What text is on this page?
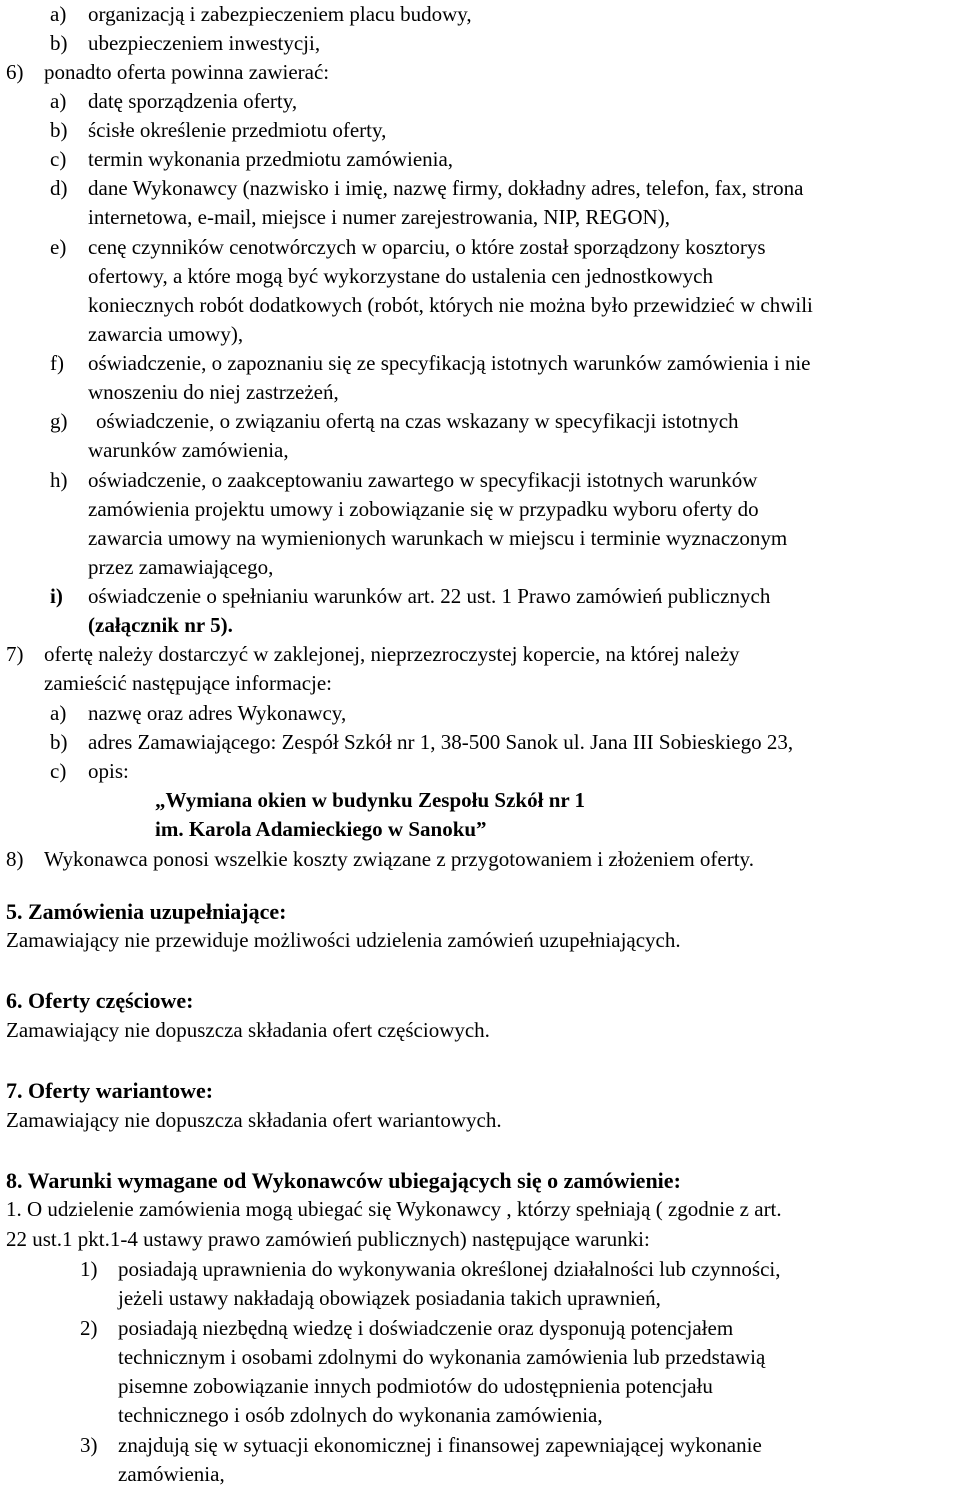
a) organizacją i zabezpieczeniem placu budowy,
b) ubezpieczeniem inwestycji,
6) ponadto oferta powinna zawierać:
a) datę sporządzenia oferty,
b) ścisłe określenie przedmiotu oferty,
c) termin wykonania przedmiotu zamówienia,
d) dane Wykonawcy (nazwisko i imię, nazwę firmy, dokładny adres, telefon, fax, strona
internetowa, e-mail, miejsce i numer zarejestrowania, NIP, REGON),
e) cenę czynników cenotwórczych w oparciu, o które został sporządzony kosztorys
ofertowy, a które mogą być wykorzystane do ustalenia cen jednostkowych
koniecznych robót dodatkowych (robót, których nie można było przewidzieć w chwili
zawarcia umowy),
f) oświadczenie, o zapoznaniu się ze specyfikacją istotnych warunków zamówienia i nie
wnoszeniu do niej zastrzeżeń,
g) oświadczenie, o związaniu ofertą na czas wskazany w specyfikacji istotnych
warunków zamówienia,
h) oświadczenie, o zaakceptowaniu zawartego w specyfikacji istotnych warunków
zamówienia projektu umowy i zobowiązanie się w przypadku wyboru oferty do
zawarcia umowy na wymienionych warunkach w miejscu i terminie wyznaczonym
przez zamawiającego,
i) oświadczenie o spełnianiu warunków art. 22 ust. 1 Prawo zamówień publicznych
(załącznik nr 5).
7) ofertę należy dostarczyć w zaklejonej, nieprzezroczystej kopercie, na której należy
zamieścić następujące informacje:
a) nazwę oraz adres Wykonawcy,
b) adres Zamawiającego: Zespół Szkół nr 1, 38-500 Sanok ul. Jana III Sobieskiego 23,
c) opis:
„Wymiana okien w budynku Zespołu Szkół nr 1
im. Karola Adamieckiego w Sanoku”
8) Wykonawca ponosi wszelkie koszty związane z przygotowaniem i złożeniem oferty.
5. Zamówienia uzupełniające:
Zamawiający nie przewiduje możliwości udzielenia zamówień uzupełniających.
6. Oferty częściowe:
Zamawiający nie dopuszcza składania ofert częściowych.
7. Oferty wariantowe:
Zamawiający nie dopuszcza składania ofert wariantowych.
8. Warunki wymagane od Wykonawców ubiegających się o zamówienie:
1. O udzielenie zamówienia mogą ubiegać się Wykonawcy , którzy spełniają ( zgodnie z art.
22 ust.1 pkt.1-4 ustawy prawo zamówień publicznych) następujące warunki:
1) posiadają uprawnienia do wykonywania określonej działalności lub czynności,
jeżeli ustawy nakładają obowiązek posiadania takich uprawnień,
2) posiadają niezbędną wiedzę i doświadczenie oraz dysponują potencjałem
technicznym i osobami zdolnymi do wykonania zamówienia lub przedstawią
pisemne zobowiązanie innych podmiotów do udostępnienia potencjału
technicznego i osób zdolnych do wykonania zamówienia,
3) znajdują się w sytuacji ekonomicznej i finansowej zapewniającej wykonanie
zamówienia,
